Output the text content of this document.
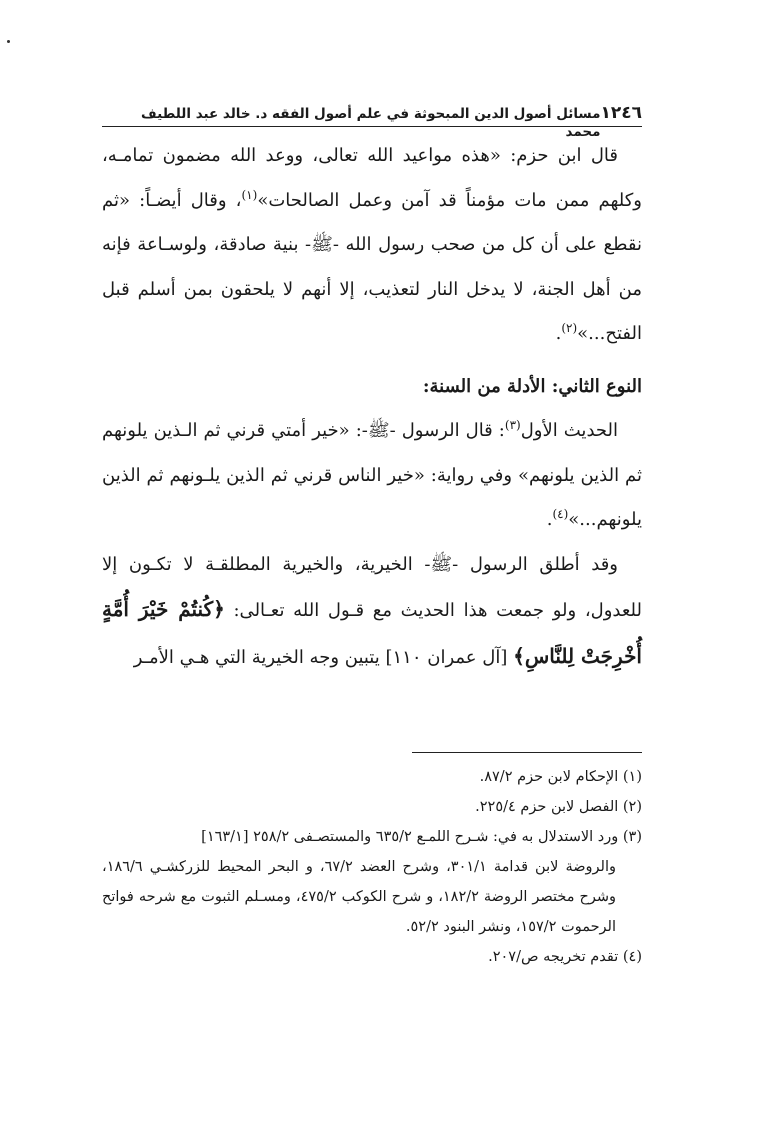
١٢٤٦
مسائل أصول الدين المبحوثة في علم أصول الفقه د. خالد عبد اللطيف محمد

قال ابن حزم: «هذه مواعيد الله تعالى، ووعد الله مضمون تمامـه، وكلهم ممن مات مؤمناً قد آمن وعمل الصالحات»$^{(١)}$، وقال أيضـاً: «ثم نقطع على أن كل من صحب رسول الله -ﷺ- بنية صادقة، ولوسـاعة فإنه من أهل الجنة، لا يدخل النار لتعذيب، إلا أنهم لا يلحقون بمن أسلم قبل الفتح...»$^{(٢)}$.

النوع الثاني: الأدلة من السنة:

الحديث الأول$^{(٣)}$: قال الرسول -ﷺ-: «خير أمتي قرني ثم الـذين يلونهم ثم الذين يلونهم» وفي رواية: «خير الناس قرني ثم الذين يلـونهم ثم الذين يلونهم...»$^{(٤)}$.

وقد أطلق الرسول -ﷺ- الخيرية، والخيرية المطلقـة لا تكـون إلا للعدول، ولو جمعت هذا الحديث مع قـول الله تعـالى: ﴿كُنتُمْ خَيْرَ أُمَّةٍ أُخْرِجَتْ لِلنَّاسِ﴾ [آل عمران ١١٠] يتبين وجه الخيرية التي هـي الأمـر

(١) الإحكام لابن حزم ٨٧/٢.

(٢) الفصل لابن حزم ٢٢٥/٤.

(٣) ورد الاستدلال به في: شـرح اللمـع ٦٣٥/٢ والمستصـفى ٢٥٨/٢ [١٦٣/١]

والروضة لابن قدامة ٣٠١/١، وشرح العضد ٦٧/٢، و البحر المحيط للزركشـي ١٨٦/٦، وشرح مختصر الروضة ١٨٢/٢، و شرح الكوكب ٤٧٥/٢، ومسـلم الثبوت مع شرحه فواتح الرحموت ١٥٧/٢، ونشر البنود ٥٢/٢.

(٤) تقدم تخريجه ص/٢٠٧.
